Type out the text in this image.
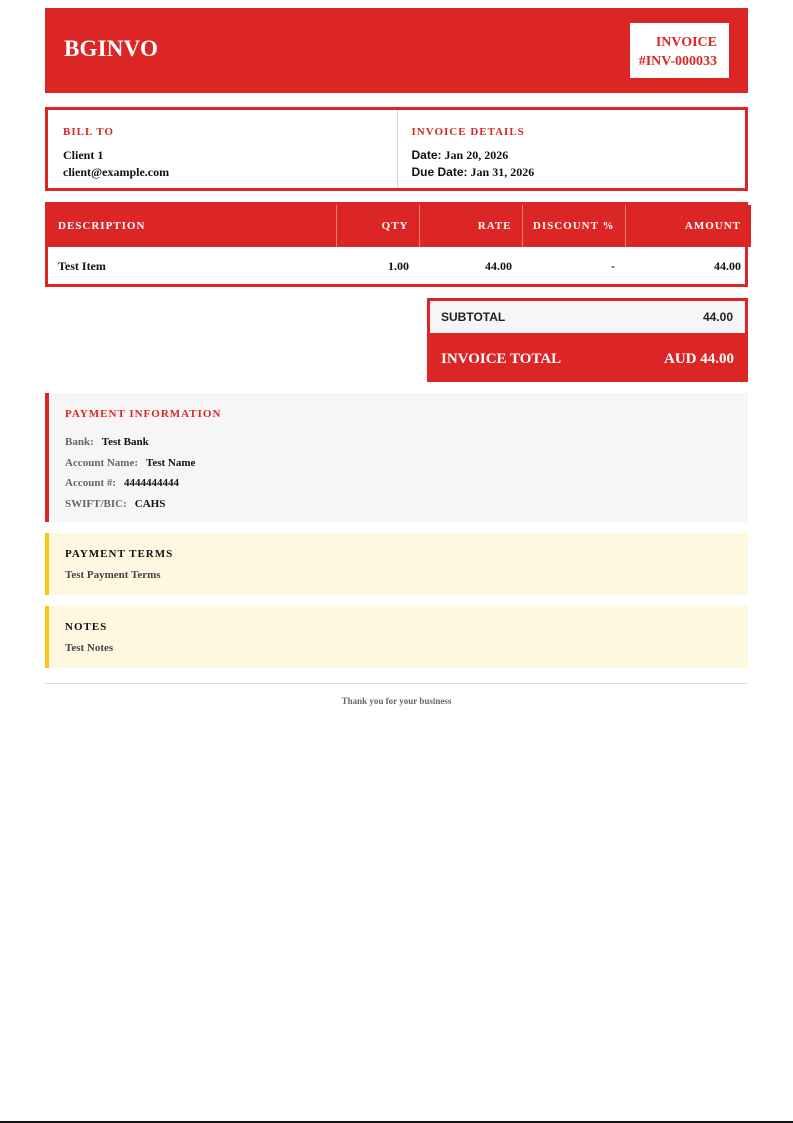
BGINVO	INVOICE
#INV-000033
BILL TO
Client 1
client@example.com
INVOICE DETAILS
Date: Jan 20, 2026
Due Date: Jan 31, 2026
DESCRIPTION	QTY	RATE	DISCOUNT %	AMOUNT
Test Item	1.00	44.00	-	44.00
SUBTOTAL	44.00
INVOICE TOTAL	AUD 44.00
PAYMENT INFORMATION
Bank: Test Bank
Account Name: Test Name
Account #: 4444444444
SWIFT/BIC: CAHS
PAYMENT TERMS
Test Payment Terms
NOTES
Test Notes
Thank you for your business
